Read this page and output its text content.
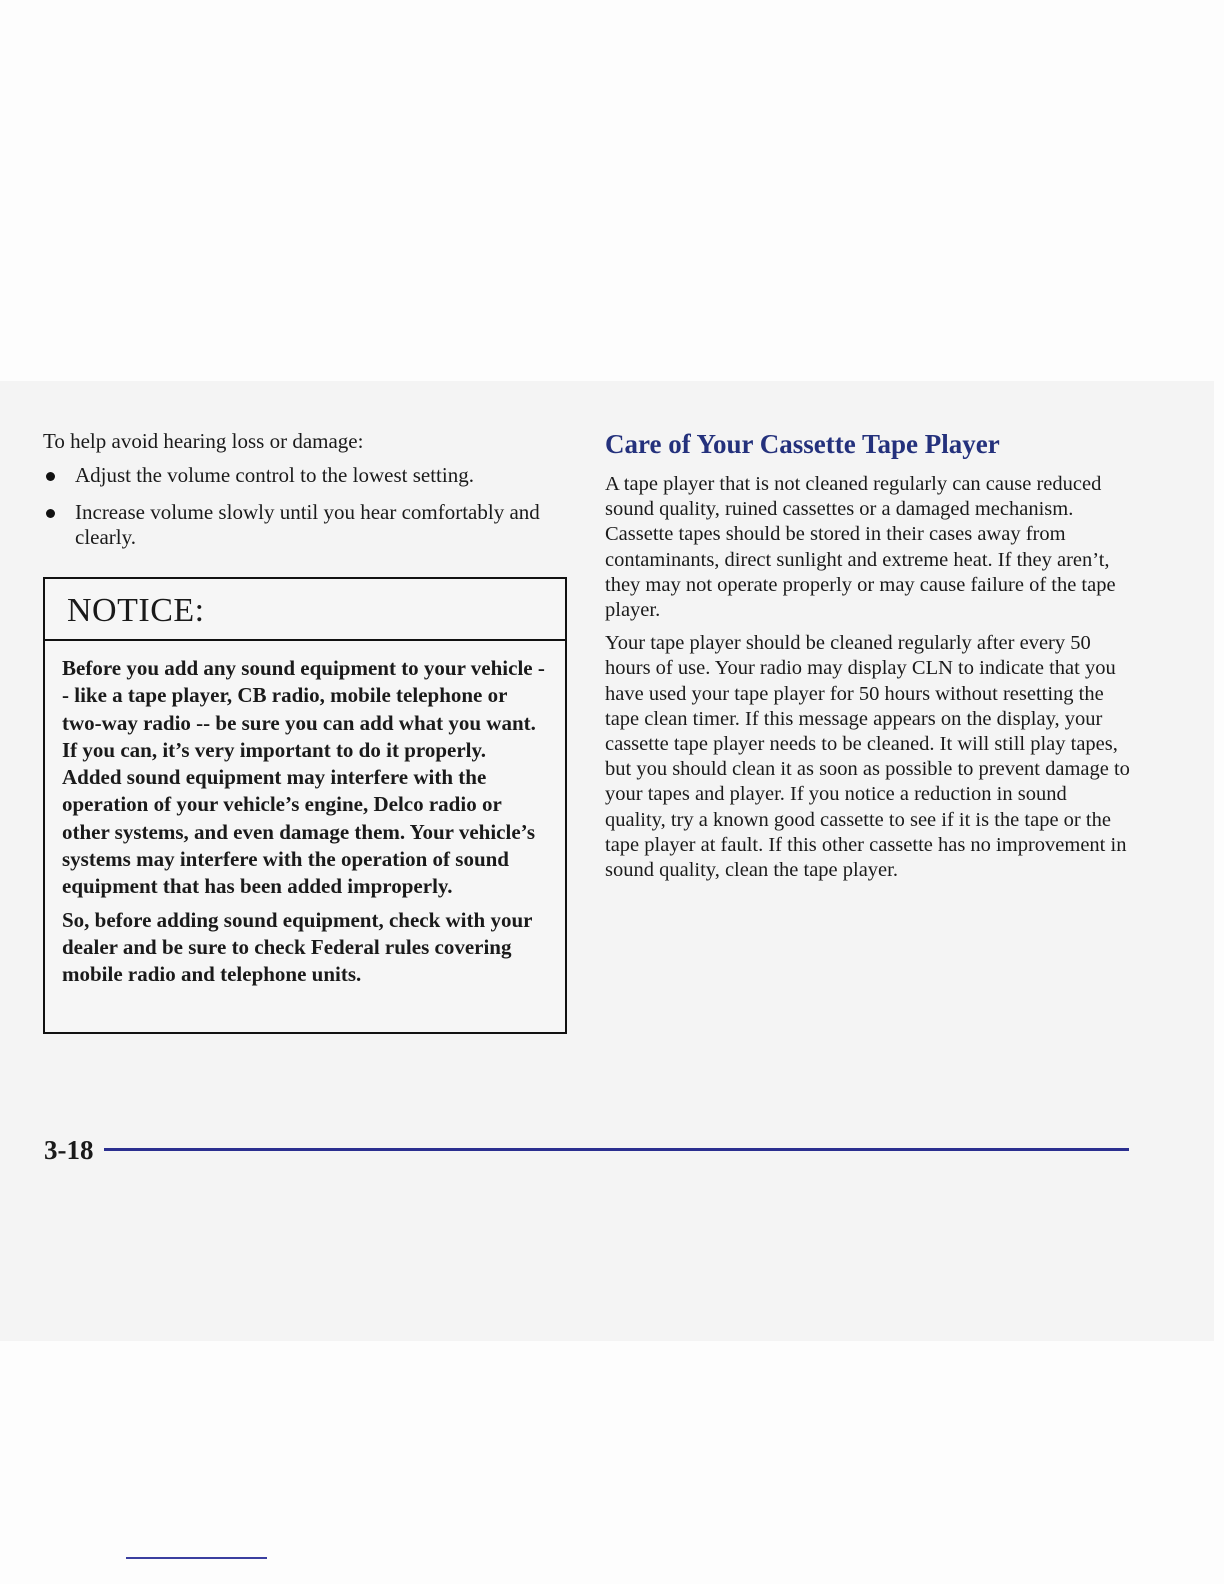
To help avoid hearing loss or damage:

Adjust the volume control to the lowest setting.
Increase volume slowly until you hear comfortably and clearly.
NOTICE:

Before you add any sound equipment to your vehicle -- like a tape player, CB radio, mobile telephone or two-way radio -- be sure you can add what you want. If you can, it’s very important to do it properly. Added sound equipment may interfere with the operation of your vehicle’s engine, Delco radio or other systems, and even damage them. Your vehicle’s systems may interfere with the operation of sound equipment that has been added improperly.

So, before adding sound equipment, check with your dealer and be sure to check Federal rules covering mobile radio and telephone units.

Care of Your Cassette Tape Player

A tape player that is not cleaned regularly can cause reduced sound quality, ruined cassettes or a damaged mechanism. Cassette tapes should be stored in their cases away from contaminants, direct sunlight and extreme heat. If they aren’t, they may not operate properly or may cause failure of the tape player.

Your tape player should be cleaned regularly after every 50 hours of use. Your radio may display CLN to indicate that you have used your tape player for 50 hours without resetting the tape clean timer. If this message appears on the display, your cassette tape player needs to be cleaned. It will still play tapes, but you should clean it as soon as possible to prevent damage to your tapes and player. If you notice a reduction in sound quality, try a known good cassette to see if it is the tape or the tape player at fault. If this other cassette has no improvement in sound quality, clean the tape player.

3-18
